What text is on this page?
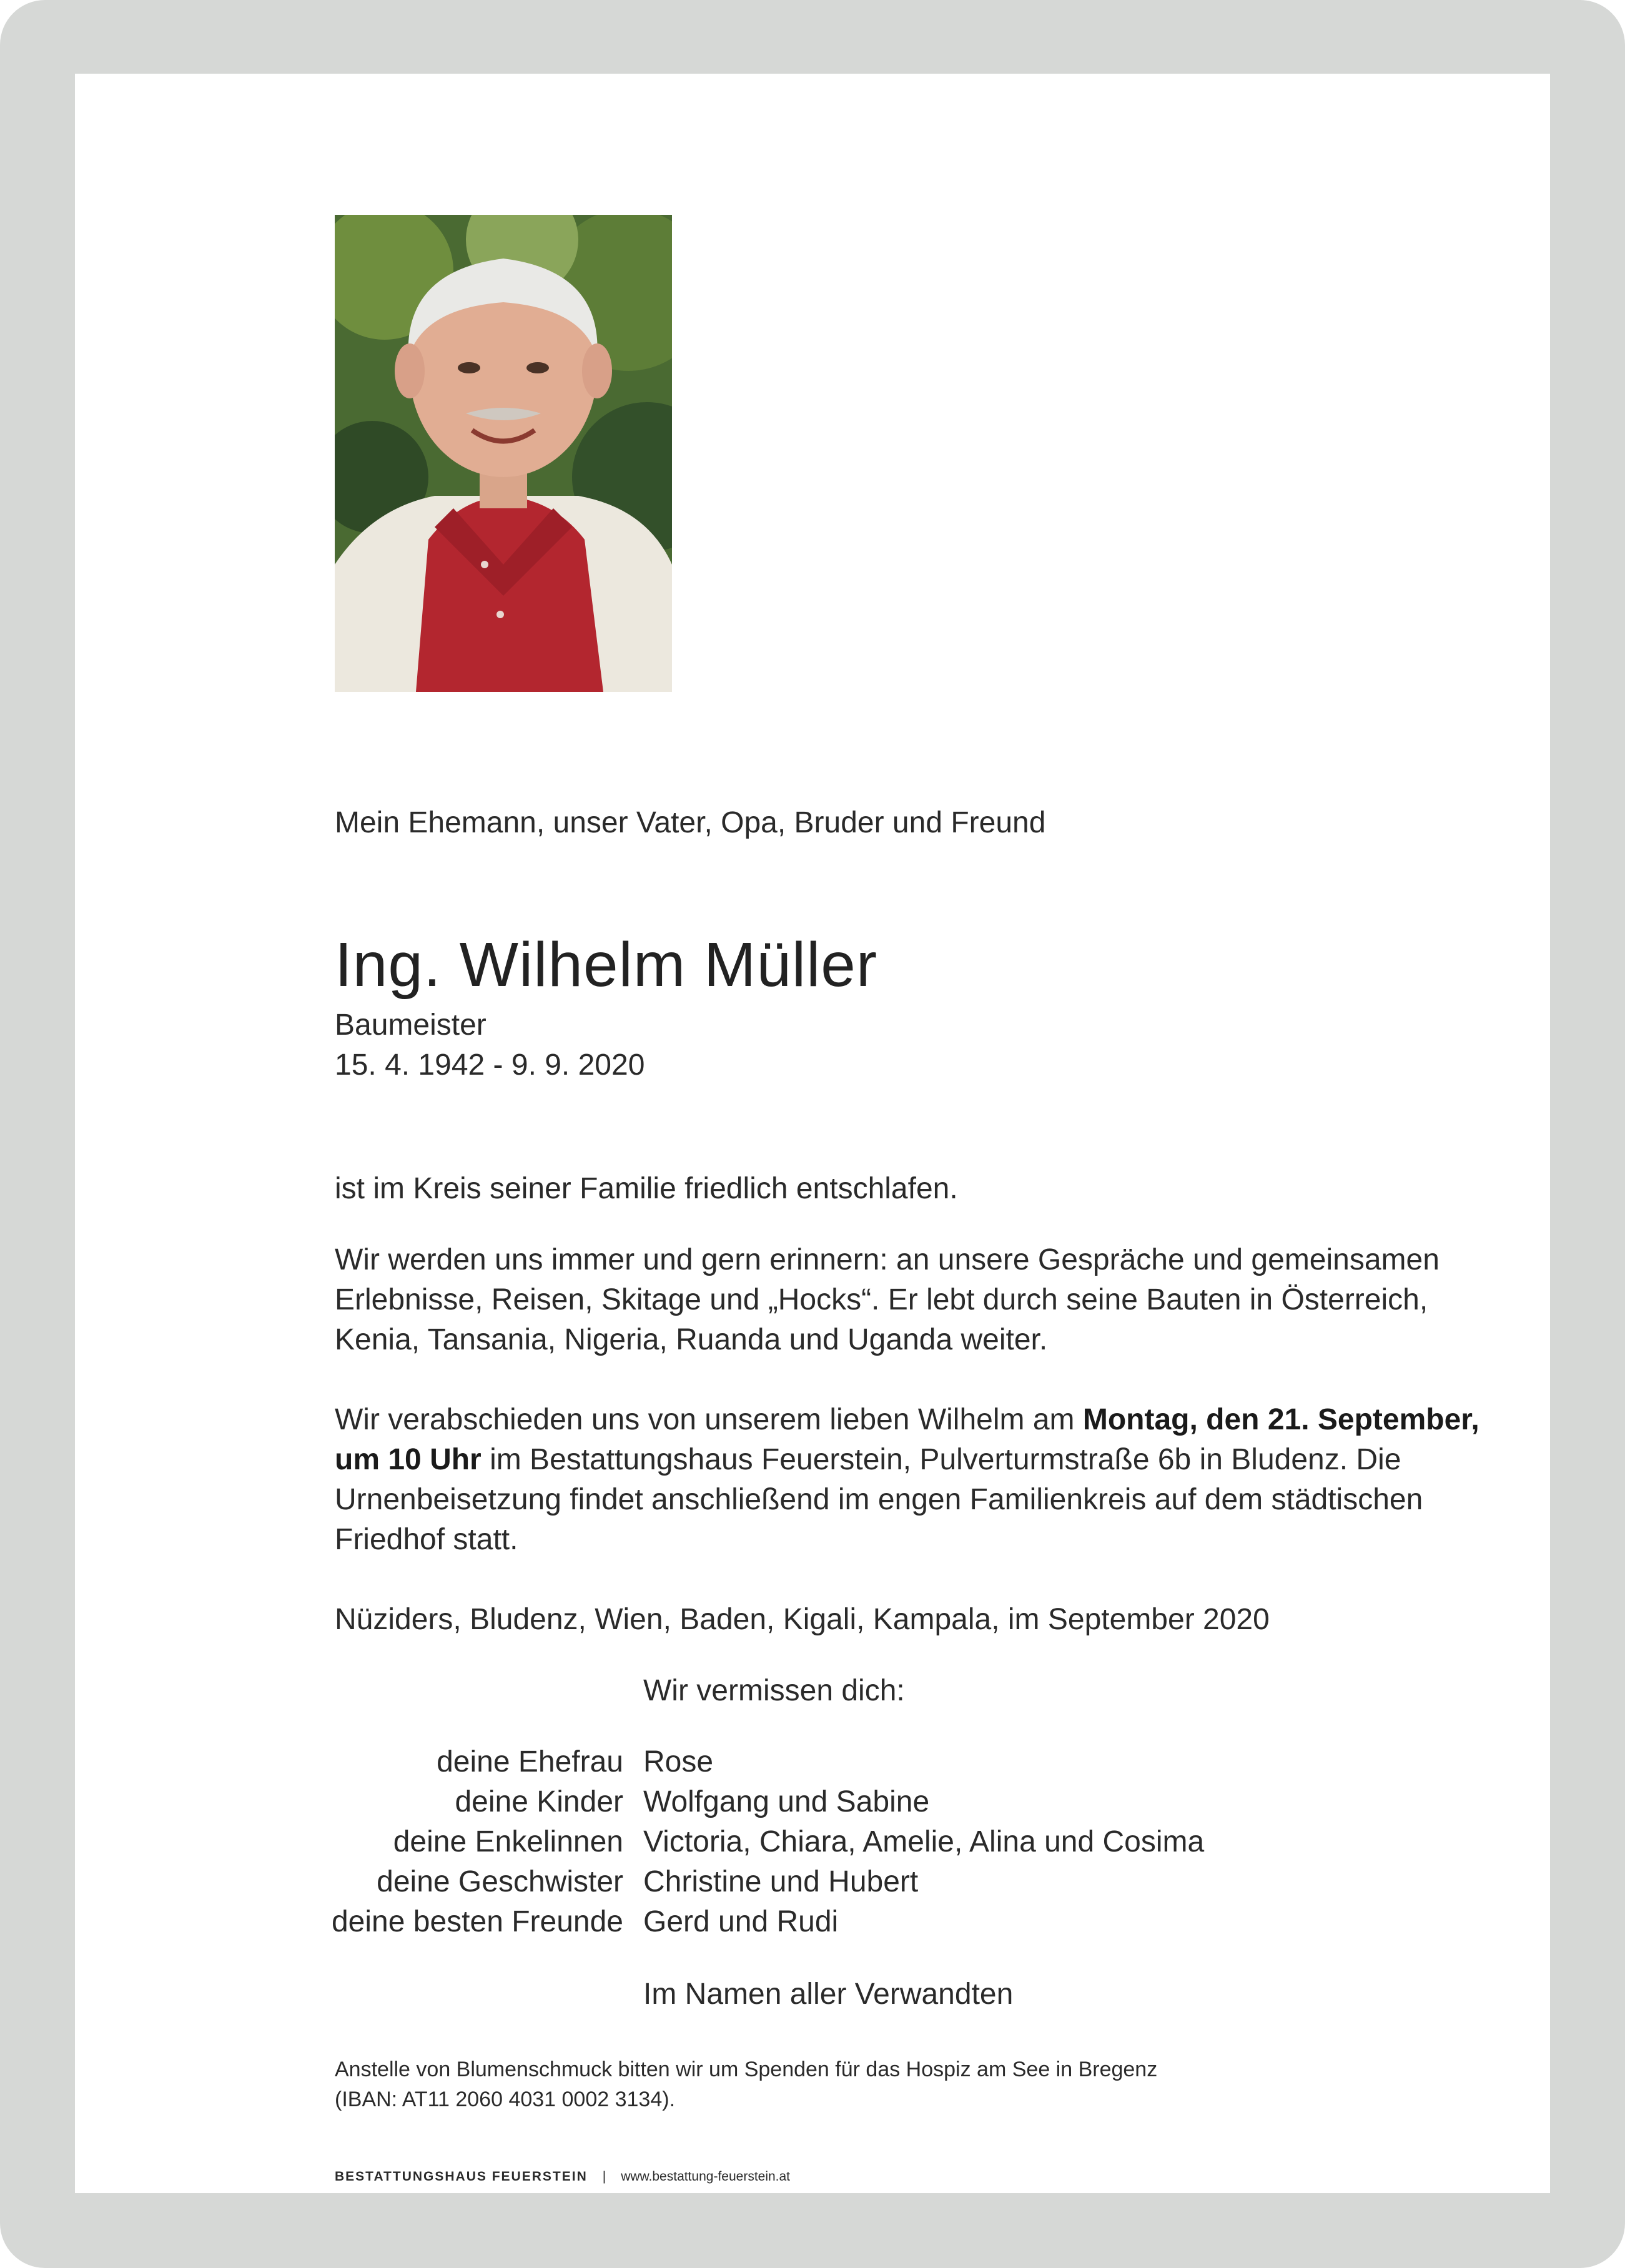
Mein Ehemann, unser Vater, Opa, Bruder und Freund

Ing. Wilhelm Müller

Baumeister

15. 4. 1942 - 9. 9. 2020

ist im Kreis seiner Familie friedlich entschlafen.

Wir werden uns immer und gern erinnern: an unsere Gespräche und gemeinsamen Erlebnisse, Reisen, Skitage und „Hocks“. Er lebt durch seine Bauten in Österreich, Kenia, Tansania, Nigeria, Ruanda und Uganda weiter.

Wir verabschieden uns von unserem lieben Wilhelm am Montag, den 21. September, um 10 Uhr im Bestattungshaus Feuerstein, Pulverturmstraße 6b in Bludenz. Die Urnenbeisetzung findet anschließend im engen Familienkreis auf dem städtischen Friedhof statt.

Nüziders, Bludenz, Wien, Baden, Kigali, Kampala, im September 2020

Wir vermissen dich:

deine Ehefrau Rose
deine Kinder Wolfgang und Sabine
deine Enkelinnen Victoria, Chiara, Amelie, Alina und Cosima
deine Geschwister Christine und Hubert
deine besten Freunde Gerd und Rudi

Im Namen aller Verwandten

Anstelle von Blumenschmuck bitten wir um Spenden für das Hospiz am See in Bregenz
(IBAN: AT11 2060 4031 0002 3134).

BESTATTUNGSHAUS FEUERSTEIN | www.bestattung-feuerstein.at
